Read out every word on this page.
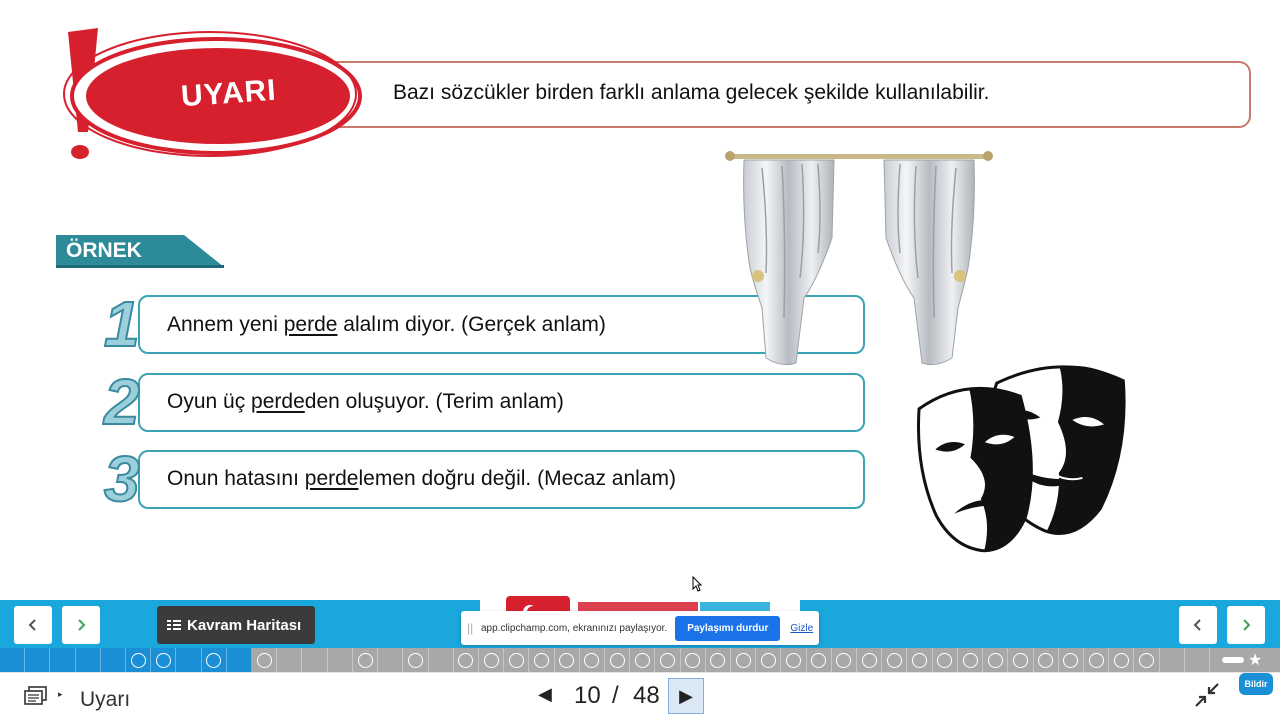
UYARI	Bazı sözcükler birden farklı anlama gelecek şekilde kullanılabilir.
ÖRNEK
1 Annem yeni perde alalım diyor. (Gerçek anlam)
2 Oyun üç perdeden oluşuyor. (Terim anlam)
3 Onun hatasını perdelemen doğru değil. (Mecaz anlam)
Kavram Haritası	|| app.clipchamp.com, ekranınızı paylaşıyor.	Paylaşımı durdur	Gizle
★
▸ Uyarı	◀ 10 / 48	▶
Bildir
